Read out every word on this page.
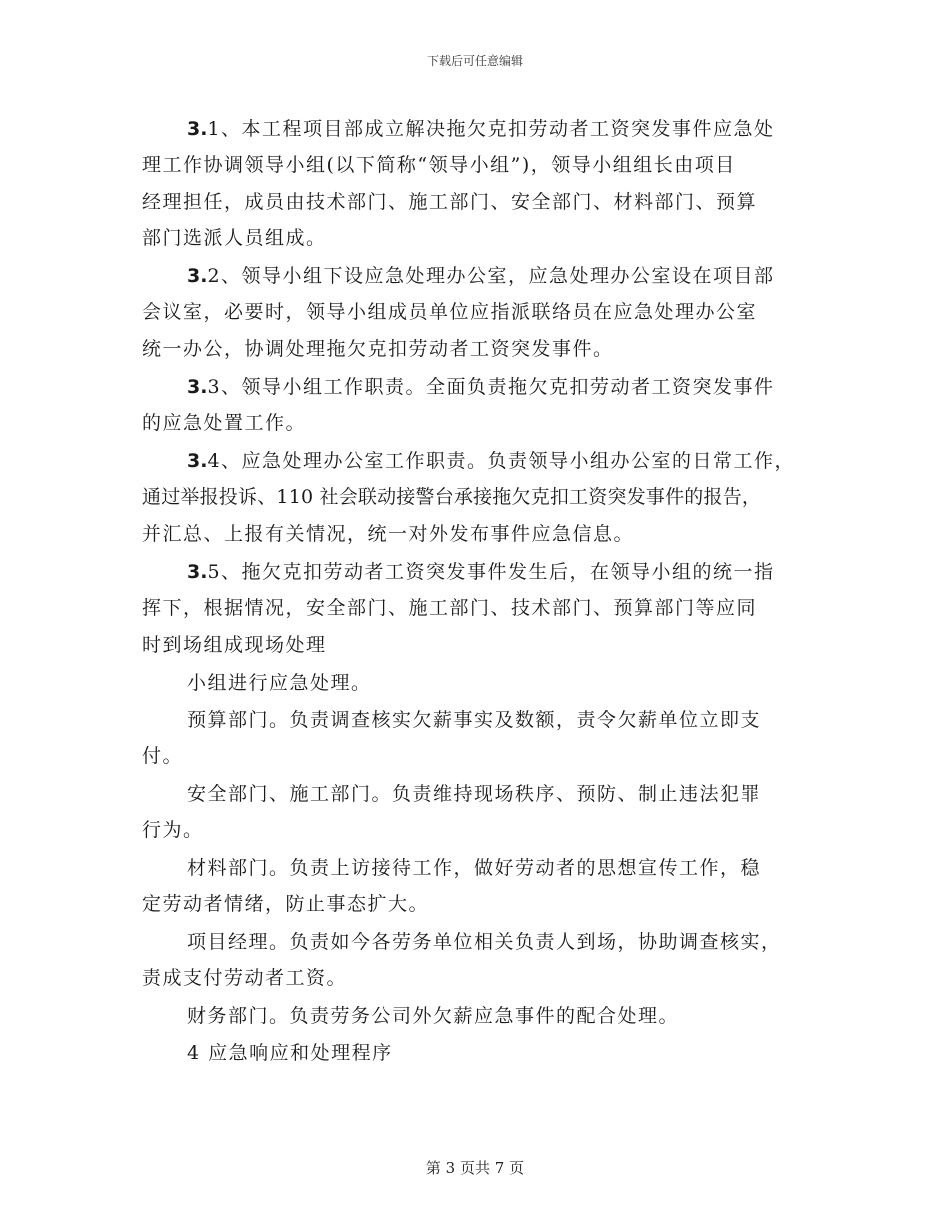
下载后可任意编辑
3.1、本工程项目部成立解决拖欠克扣劳动者工资突发事件应急处
理工作协调领导小组(以下简称“领导小组”)，领导小组组长由项目
经理担任，成员由技术部门、施工部门、安全部门、材料部门、预算
部门选派人员组成。
3.2、领导小组下设应急处理办公室，应急处理办公室设在项目部
会议室，必要时，领导小组成员单位应指派联络员在应急处理办公室
统一办公，协调处理拖欠克扣劳动者工资突发事件。
3.3、领导小组工作职责。全面负责拖欠克扣劳动者工资突发事件
的应急处置工作。
3.4、应急处理办公室工作职责。负责领导小组办公室的日常工作，
通过举报投诉、110 社会联动接警台承接拖欠克扣工资突发事件的报告，
并汇总、上报有关情况，统一对外发布事件应急信息。
3.5、拖欠克扣劳动者工资突发事件发生后，在领导小组的统一指
挥下，根据情况，安全部门、施工部门、技术部门、预算部门等应同
时到场组成现场处理
小组进行应急处理。
预算部门。负责调查核实欠薪事实及数额，责令欠薪单位立即支
付。
安全部门、施工部门。负责维持现场秩序、预防、制止违法犯罪
行为。
材料部门。负责上访接待工作，做好劳动者的思想宣传工作，稳
定劳动者情绪，防止事态扩大。
项目经理。负责如今各劳务单位相关负责人到场，协助调查核实，
责成支付劳动者工资。
财务部门。负责劳务公司外欠薪应急事件的配合处理。
4 应急响应和处理程序
第 3 页共 7 页
